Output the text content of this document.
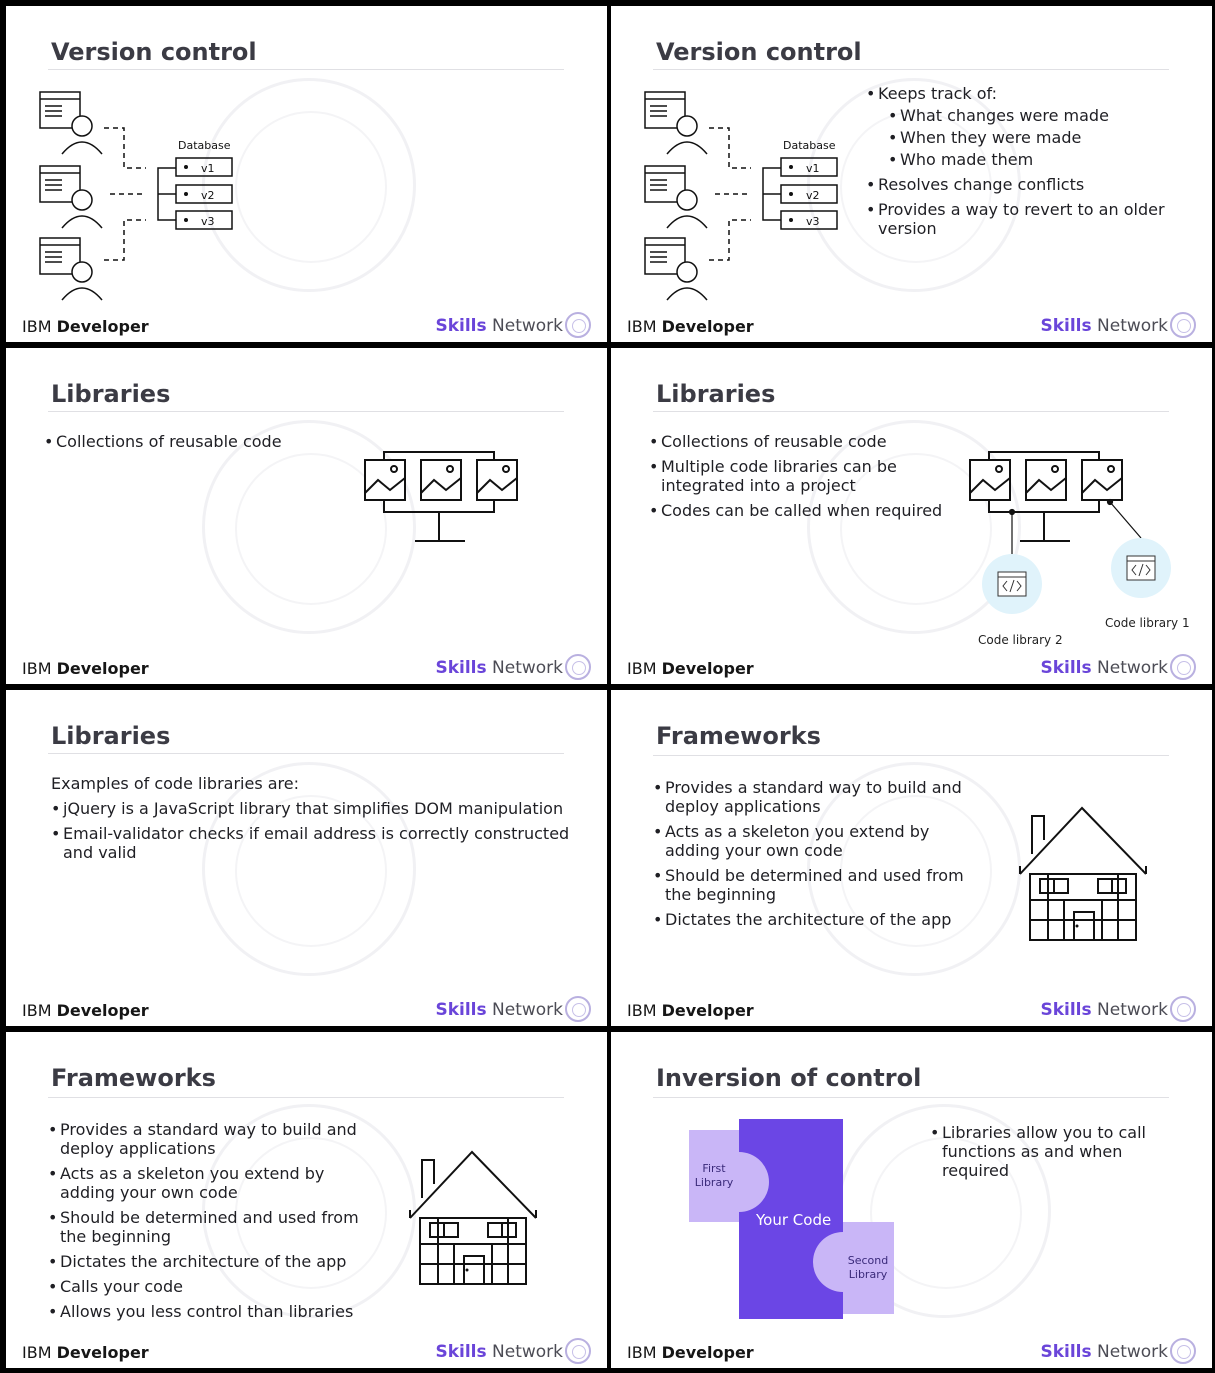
Version control
Database
v1
v2
v3
IBM Developer	Skills Network
Version control
Database
v1
v2
v3
• Keeps track of:
• What changes were made
• When they were made
• Who made them
• Resolves change conflicts
• Provides a way to revert to an older version
IBM Developer	Skills Network
Libraries
• Collections of reusable code
IBM Developer	Skills Network
Libraries
• Collections of reusable code
• Multiple code libraries can be integrated into a project
• Codes can be called when required
Code library 2
Code library 1
IBM Developer	Skills Network
Libraries
Examples of code libraries are:
• jQuery is a JavaScript library that simplifies DOM manipulation
• Email-validator checks if email address is correctly constructed and valid
IBM Developer	Skills Network
Frameworks
• Provides a standard way to build and deploy applications
• Acts as a skeleton you extend by adding your own code
• Should be determined and used from the beginning
• Dictates the architecture of the app
IBM Developer	Skills Network
Frameworks
• Provides a standard way to build and deploy applications
• Acts as a skeleton you extend by adding your own code
• Should be determined and used from the beginning
• Dictates the architecture of the app
• Calls your code
• Allows you less control than libraries
IBM Developer	Skills Network
Inversion of control
First Library
Your Code
Second Library
• Libraries allow you to call functions as and when required
IBM Developer	Skills Network
